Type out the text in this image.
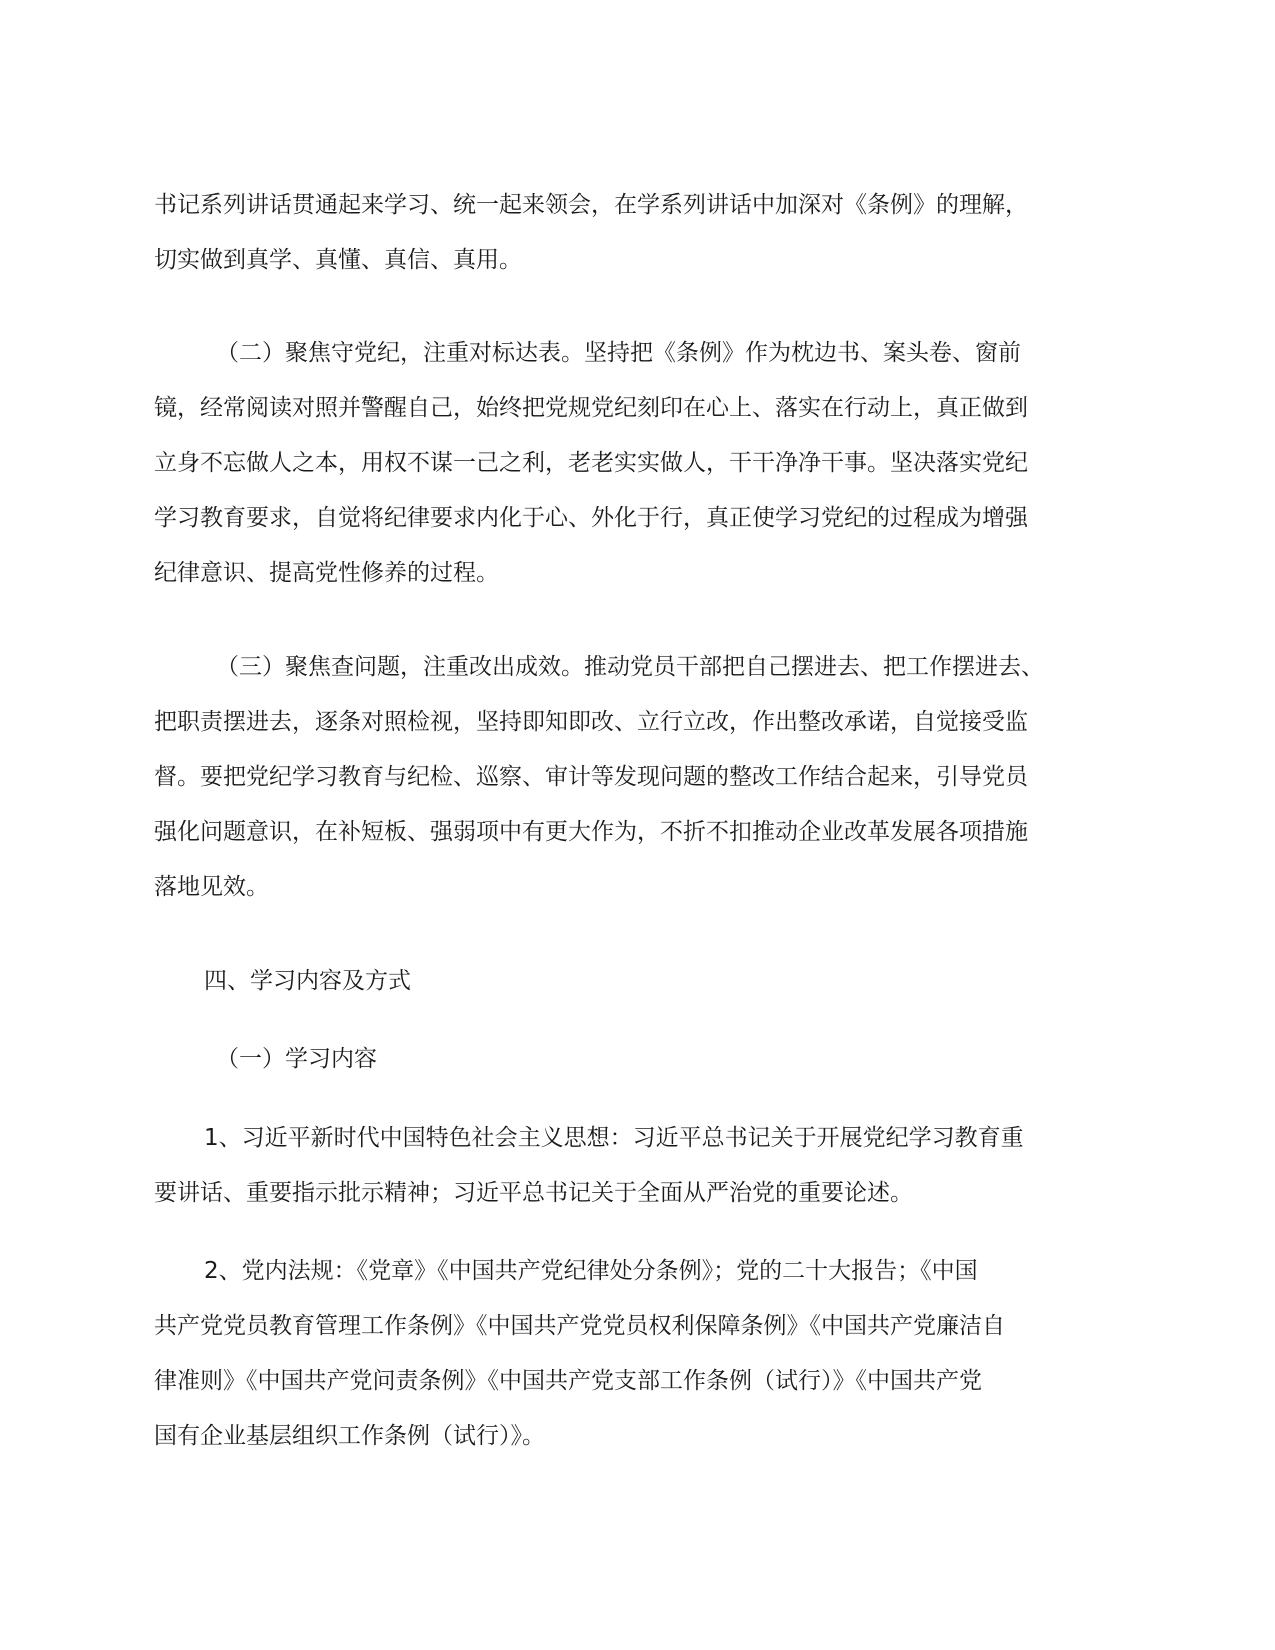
书记系列讲话贯通起来学习、统一起来领会，在学系列讲话中加深对《条例》的理解，
切实做到真学、真懂、真信、真用。
（二）聚焦守党纪，注重对标达表。坚持把《条例》作为枕边书、案头卷、窗前
镜，经常阅读对照并警醒自己，始终把党规党纪刻印在心上、落实在行动上，真正做到
立身不忘做人之本，用权不谋一己之利，老老实实做人，干干净净干事。坚决落实党纪
学习教育要求，自觉将纪律要求内化于心、外化于行，真正使学习党纪的过程成为增强
纪律意识、提高党性修养的过程。
（三）聚焦查问题，注重改出成效。推动党员干部把自己摆进去、把工作摆进去、
把职责摆进去，逐条对照检视，坚持即知即改、立行立改，作出整改承诺，自觉接受监
督。要把党纪学习教育与纪检、巡察、审计等发现问题的整改工作结合起来，引导党员
强化问题意识，在补短板、强弱项中有更大作为，不折不扣推动企业改革发展各项措施
落地见效。
四、学习内容及方式
（一）学习内容
1、习近平新时代中国特色社会主义思想：习近平总书记关于开展党纪学习教育重
要讲话、重要指示批示精神；习近平总书记关于全面从严治党的重要论述。
2、党内法规：《党章》《中国共产党纪律处分条例》；党的二十大报告；《中国
共产党党员教育管理工作条例》《中国共产党党员权利保障条例》《中国共产党廉洁自
律准则》《中国共产党问责条例》《中国共产党支部工作条例（试行）》《中国共产党
国有企业基层组织工作条例（试行）》。
